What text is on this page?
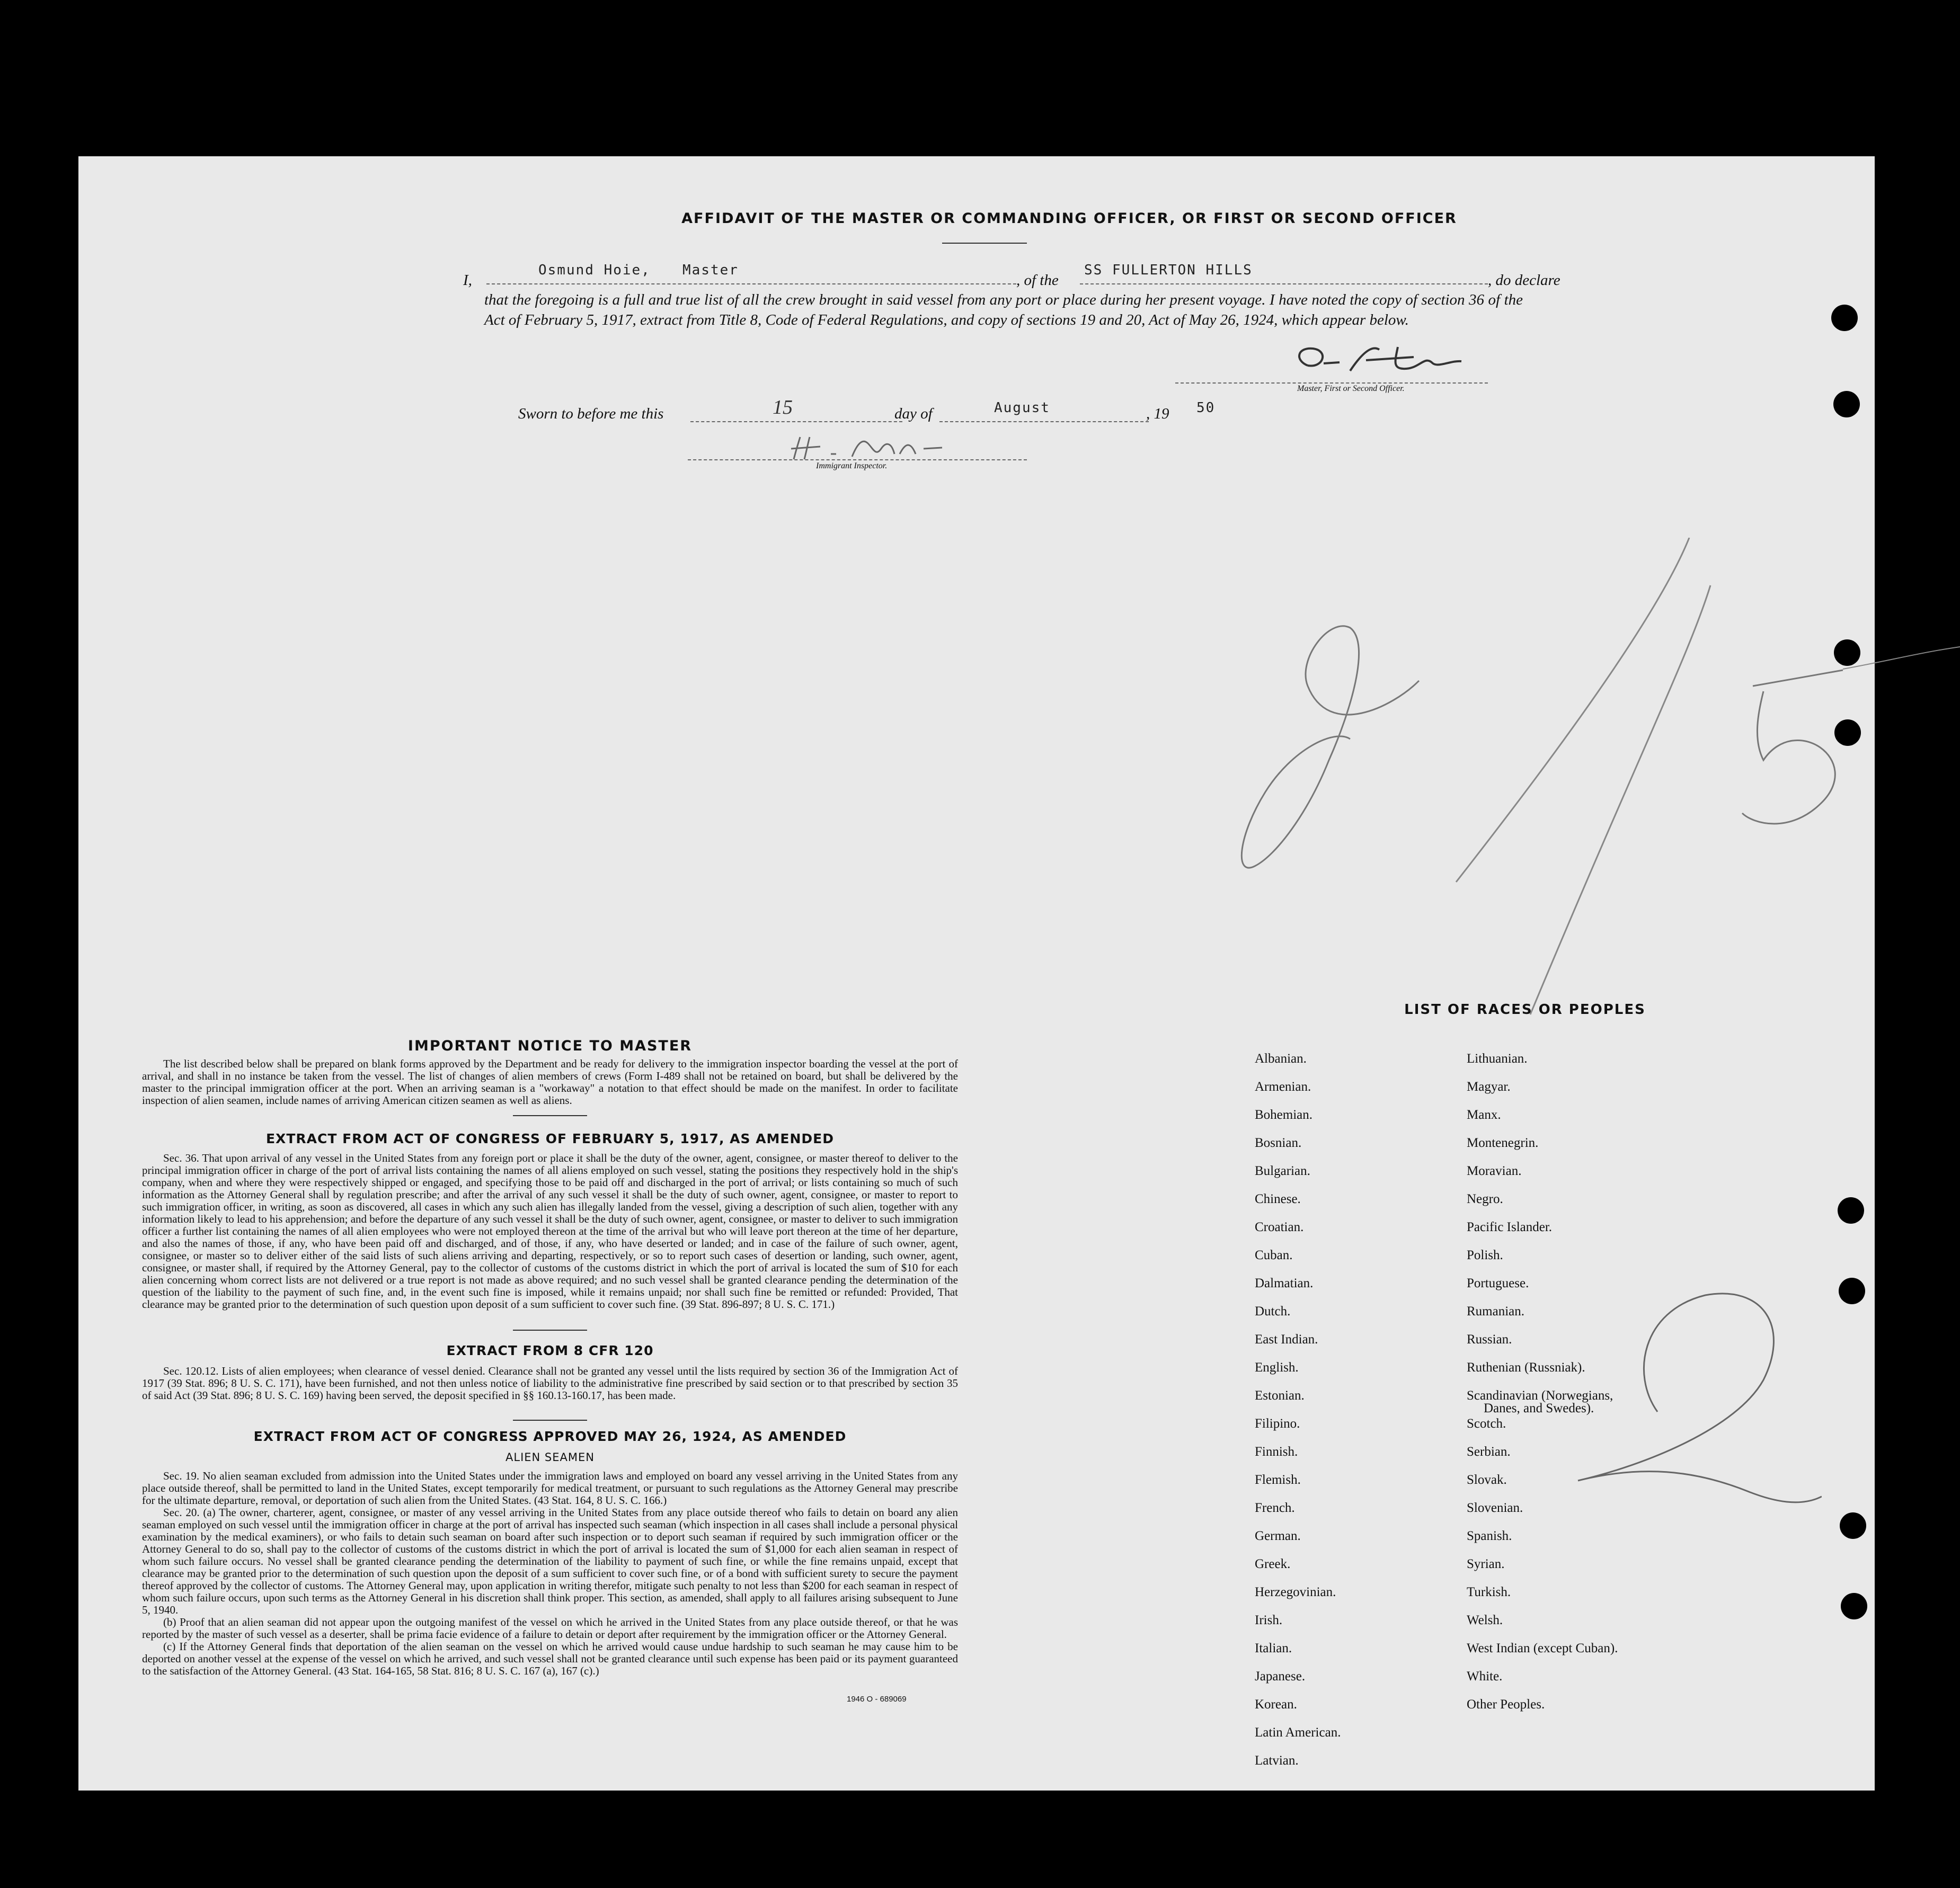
AFFIDAVIT OF THE MASTER OR COMMANDING OFFICER, OR FIRST OR SECOND OFFICER
I,
Osmund Hoie, Master
, of the
SS FULLERTON HILLS
, do declare
that the foregoing is a full and true list of all the crew brought in said vessel from any port or place during her present voyage. I have noted the copy of section 36 of the Act of February 5, 1917, extract from Title 8, Code of Federal Regulations, and copy of sections 19 and 20, Act of May 26, 1924, which appear below.
Master, First or Second Officer.
Sworn to before me this	15	day of	August	, 19 50
Immigrant Inspector.
LIST OF RACES OR PEOPLES
Albanian.
Armenian.
Bohemian.
Bosnian.
Bulgarian.
Chinese.
Croatian.
Cuban.
Dalmatian.
Dutch.
East Indian.
English.
Estonian.
Filipino.
Finnish.
Flemish.
French.
German.
Greek.
Herzegovinian.
Irish.
Italian.
Japanese.
Korean.
Latin American.
Latvian.
Lithuanian.
Magyar.
Manx.
Montenegrin.
Moravian.
Negro.
Pacific Islander.
Polish.
Portuguese.
Rumanian.
Russian.
Ruthenian (Russniak).
Scandinavian (Norwegians,
Danes, and Swedes).
Scotch.
Serbian.
Slovak.
Slovenian.
Spanish.
Syrian.
Turkish.
Welsh.
West Indian (except Cuban).
White.
Other Peoples.
IMPORTANT NOTICE TO MASTER
The list described below shall be prepared on blank forms approved by the Department and be ready for delivery to the immigration inspector boarding the vessel at the port of arrival, and shall in no instance be taken from the vessel. The list of changes of alien members of crews (Form I-489 shall not be retained on board, but shall be delivered by the master to the principal immigration officer at the port. When an arriving seaman is a "workaway" a notation to that effect should be made on the manifest. In order to facilitate inspection of alien seamen, include names of arriving American citizen seamen as well as aliens.
EXTRACT FROM ACT OF CONGRESS OF FEBRUARY 5, 1917, AS AMENDED
Sec. 36. That upon arrival of any vessel in the United States from any foreign port or place it shall be the duty of the owner, agent, consignee, or master thereof to deliver to the principal immigration officer in charge of the port of arrival lists containing the names of all aliens employed on such vessel, stating the positions they respectively hold in the ship's company, when and where they were respectively shipped or engaged, and specifying those to be paid off and discharged in the port of arrival; or lists containing so much of such information as the Attorney General shall by regulation prescribe; and after the arrival of any such vessel it shall be the duty of such owner, agent, consignee, or master to report to such immigration officer, in writing, as soon as discovered, all cases in which any such alien has illegally landed from the vessel, giving a description of such alien, together with any information likely to lead to his apprehension; and before the departure of any such vessel it shall be the duty of such owner, agent, consignee, or master to deliver to such immigration officer a further list containing the names of all alien employees who were not employed thereon at the time of the arrival but who will leave port thereon at the time of her departure, and also the names of those, if any, who have been paid off and discharged, and of those, if any, who have deserted or landed; and in case of the failure of such owner, agent, consignee, or master so to deliver either of the said lists of such aliens arriving and departing, respectively, or so to report such cases of desertion or landing, such owner, agent, consignee, or master shall, if required by the Attorney General, pay to the collector of customs of the customs district in which the port of arrival is located the sum of $10 for each alien concerning whom correct lists are not delivered or a true report is not made as above required; and no such vessel shall be granted clearance pending the determination of the question of the liability to the payment of such fine, and, in the event such fine is imposed, while it remains unpaid; nor shall such fine be remitted or refunded: Provided, That clearance may be granted prior to the determination of such question upon deposit of a sum sufficient to cover such fine. (39 Stat. 896-897; 8 U. S. C. 171.)
EXTRACT FROM 8 CFR 120
Sec. 120.12. Lists of alien employees; when clearance of vessel denied. Clearance shall not be granted any vessel until the lists required by section 36 of the Immigration Act of 1917 (39 Stat. 896; 8 U. S. C. 171), have been furnished, and not then unless notice of liability to the administrative fine prescribed by said section or to that prescribed by section 35 of said Act (39 Stat. 896; 8 U. S. C. 169) having been served, the deposit specified in §§ 160.13-160.17, has been made.
EXTRACT FROM ACT OF CONGRESS APPROVED MAY 26, 1924, AS AMENDED
ALIEN SEAMEN
Sec. 19. No alien seaman excluded from admission into the United States under the immigration laws and employed on board any vessel arriving in the United States from any place outside thereof, shall be permitted to land in the United States, except temporarily for medical treatment, or pursuant to such regulations as the Attorney General may prescribe for the ultimate departure, removal, or deportation of such alien from the United States. (43 Stat. 164, 8 U. S. C. 166.)
Sec. 20. (a) The owner, charterer, agent, consignee, or master of any vessel arriving in the United States from any place outside thereof who fails to detain on board any alien seaman employed on such vessel until the immigration officer in charge at the port of arrival has inspected such seaman (which inspection in all cases shall include a personal physical examination by the medical examiners), or who fails to detain such seaman on board after such inspection or to deport such seaman if required by such immigration officer or the Attorney General to do so, shall pay to the collector of customs of the customs district in which the port of arrival is located the sum of $1,000 for each alien seaman in respect of whom such failure occurs. No vessel shall be granted clearance pending the determination of the liability to payment of such fine, or while the fine remains unpaid, except that clearance may be granted prior to the determination of such question upon the deposit of a sum sufficient to cover such fine, or of a bond with sufficient surety to secure the payment thereof approved by the collector of customs. The Attorney General may, upon application in writing therefor, mitigate such penalty to not less than $200 for each seaman in respect of whom such failure occurs, upon such terms as the Attorney General in his discretion shall think proper. This section, as amended, shall apply to all failures arising subsequent to June 5, 1940.
(b) Proof that an alien seaman did not appear upon the outgoing manifest of the vessel on which he arrived in the United States from any place outside thereof, or that he was reported by the master of such vessel as a deserter, shall be prima facie evidence of a failure to detain or deport after requirement by the immigration officer or the Attorney General.
(c) If the Attorney General finds that deportation of the alien seaman on the vessel on which he arrived would cause undue hardship to such seaman he may cause him to be deported on another vessel at the expense of the vessel on which he arrived, and such vessel shall not be granted clearance until such expense has been paid or its payment guaranteed to the satisfaction of the Attorney General. (43 Stat. 164-165, 58 Stat. 816; 8 U. S. C. 167 (a), 167 (c).)
1946 O - 689069
